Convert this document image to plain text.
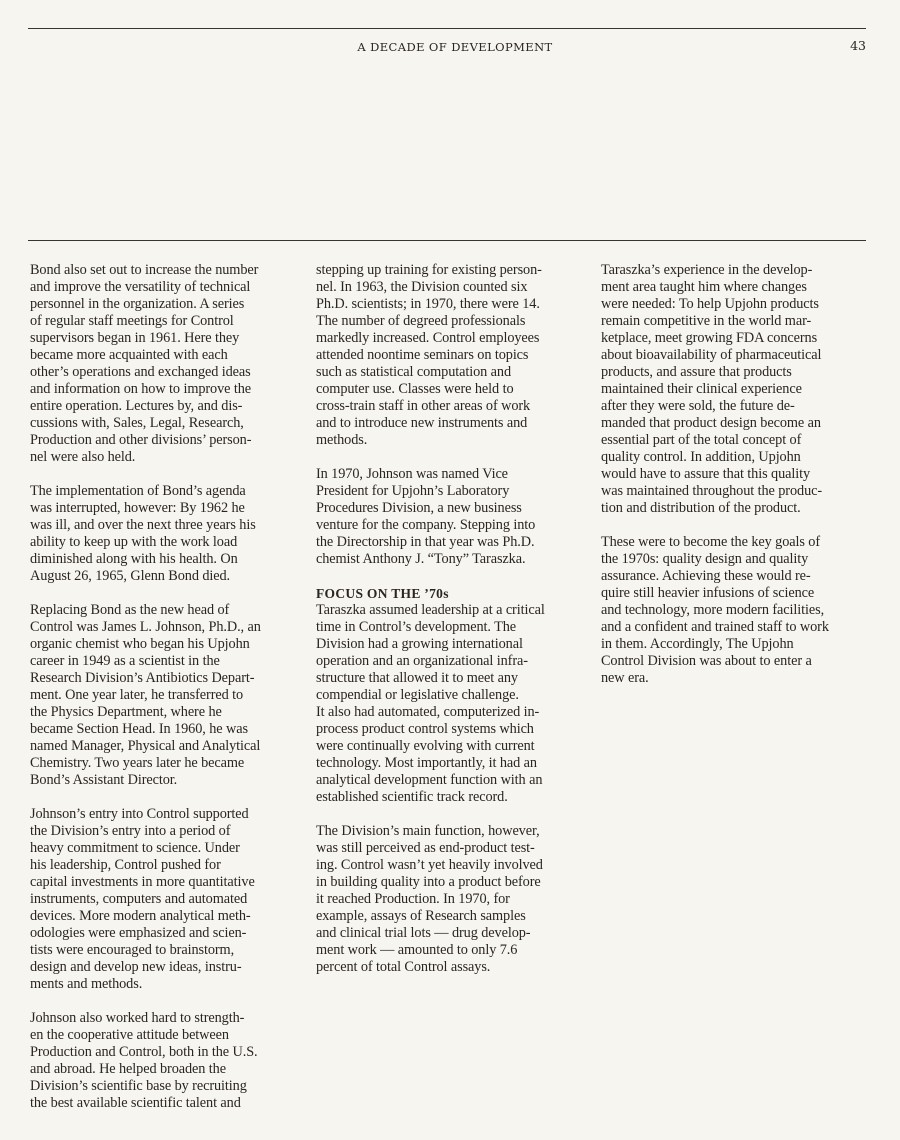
A DECADE OF DEVELOPMENT	43

Bond also set out to increase the number
and improve the versatility of technical
personnel in the organization. A series
of regular staff meetings for Control
supervisors began in 1961. Here they
became more acquainted with each
other’s operations and exchanged ideas
and information on how to improve the
entire operation. Lectures by, and dis-
cussions with, Sales, Legal, Research,
Production and other divisions’ person-
nel were also held.

The implementation of Bond’s agenda
was interrupted, however: By 1962 he
was ill, and over the next three years his
ability to keep up with the work load
diminished along with his health. On
August 26, 1965, Glenn Bond died.

Replacing Bond as the new head of
Control was James L. Johnson, Ph.D., an
organic chemist who began his Upjohn
career in 1949 as a scientist in the
Research Division’s Antibiotics Depart-
ment. One year later, he transferred to
the Physics Department, where he
became Section Head. In 1960, he was
named Manager, Physical and Analytical
Chemistry. Two years later he became
Bond’s Assistant Director.

Johnson’s entry into Control supported
the Division’s entry into a period of
heavy commitment to science. Under
his leadership, Control pushed for
capital investments in more quantitative
instruments, computers and automated
devices. More modern analytical meth-
odologies were emphasized and scien-
tists were encouraged to brainstorm,
design and develop new ideas, instru-
ments and methods.

Johnson also worked hard to strength-
en the cooperative attitude between
Production and Control, both in the U.S.
and abroad. He helped broaden the
Division’s scientific base by recruiting
the best available scientific talent and

stepping up training for existing person-
nel. In 1963, the Division counted six
Ph.D. scientists; in 1970, there were 14.
The number of degreed professionals
markedly increased. Control employees
attended noontime seminars on topics
such as statistical computation and
computer use. Classes were held to
cross-train staff in other areas of work
and to introduce new instruments and
methods.

In 1970, Johnson was named Vice
President for Upjohn’s Laboratory
Procedures Division, a new business
venture for the company. Stepping into
the Directorship in that year was Ph.D.
chemist Anthony J. “Tony” Taraszka.

FOCUS ON THE ’70s
Taraszka assumed leadership at a critical
time in Control’s development. The
Division had a growing international
operation and an organizational infra-
structure that allowed it to meet any
compendial or legislative challenge.
It also had automated, computerized in-
process product control systems which
were continually evolving with current
technology. Most importantly, it had an
analytical development function with an
established scientific track record.

The Division’s main function, however,
was still perceived as end-product test-
ing. Control wasn’t yet heavily involved
in building quality into a product before
it reached Production. In 1970, for
example, assays of Research samples
and clinical trial lots — drug develop-
ment work — amounted to only 7.6
percent of total Control assays.

Taraszka’s experience in the develop-
ment area taught him where changes
were needed: To help Upjohn products
remain competitive in the world mar-
ketplace, meet growing FDA concerns
about bioavailability of pharmaceutical
products, and assure that products
maintained their clinical experience
after they were sold, the future de-
manded that product design become an
essential part of the total concept of
quality control. In addition, Upjohn
would have to assure that this quality
was maintained throughout the produc-
tion and distribution of the product.

These were to become the key goals of
the 1970s: quality design and quality
assurance. Achieving these would re-
quire still heavier infusions of science
and technology, more modern facilities,
and a confident and trained staff to work
in them. Accordingly, The Upjohn
Control Division was about to enter a
new era.
